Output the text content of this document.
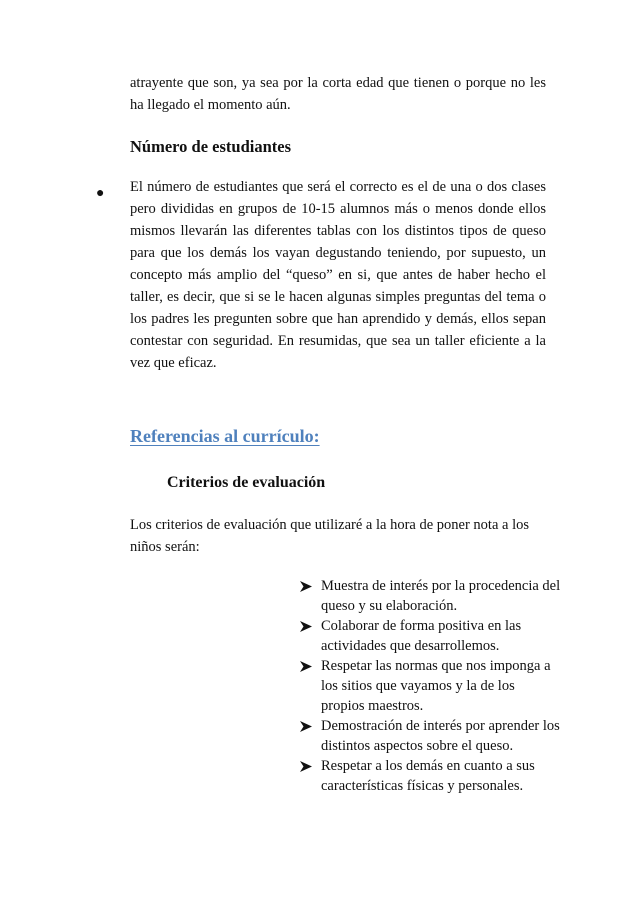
atrayente que son, ya sea por la corta edad que tienen o porque no les ha llegado el momento aún.
Número de estudiantes
● El número de estudiantes que será el correcto es el de una o dos clases pero divididas en grupos de 10-15 alumnos más o menos donde ellos mismos llevarán las diferentes tablas con los distintos tipos de queso para que los demás los vayan degustando teniendo, por supuesto, un concepto más amplio del “queso” en si, que antes de haber hecho el taller, es decir, que si se le hacen algunas simples preguntas del tema o los padres les pregunten sobre que han aprendido y demás, ellos sepan contestar con seguridad. En resumidas, que sea un taller eficiente a la vez que eficaz.
Referencias al currículo:
Criterios de evaluación
Los criterios de evaluación que utilizaré a la hora de poner nota a los niños serán:
Muestra de interés por la procedencia del queso y su elaboración.
Colaborar de forma positiva en las actividades que desarrollemos.
Respetar las normas que nos imponga a los sitios que vayamos y la de los propios maestros.
Demostración de interés por aprender los distintos aspectos sobre el queso.
Respetar a los demás en cuanto a sus características físicas y personales.
